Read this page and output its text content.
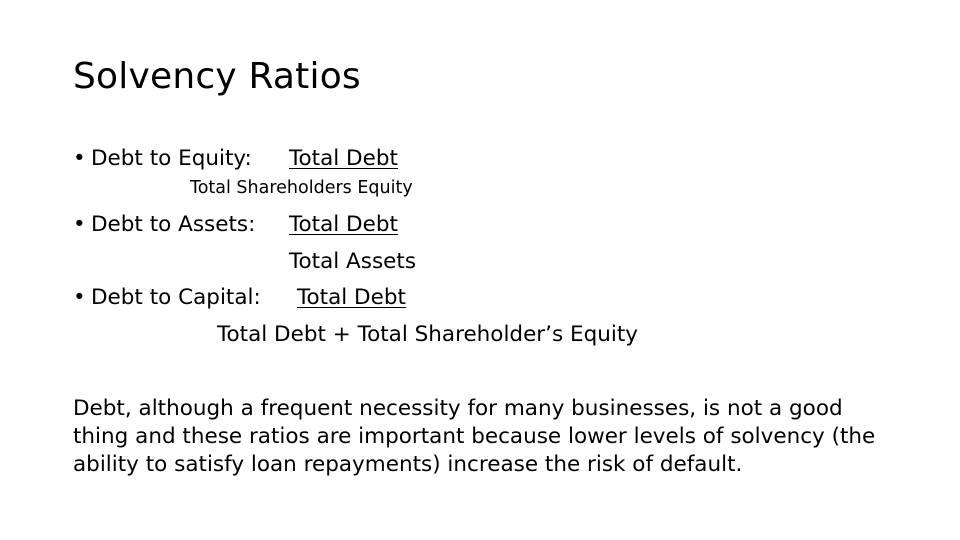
Solvency Ratios
• Debt to Equity: Total Debt
Total Shareholders Equity
• Debt to Assets: Total Debt
Total Assets
• Debt to Capital: Total Debt
Total Debt + Total Shareholder’s Equity
Debt, although a frequent necessity for many businesses, is not a good thing and these ratios are important because lower levels of solvency (the ability to satisfy loan repayments) increase the risk of default.
